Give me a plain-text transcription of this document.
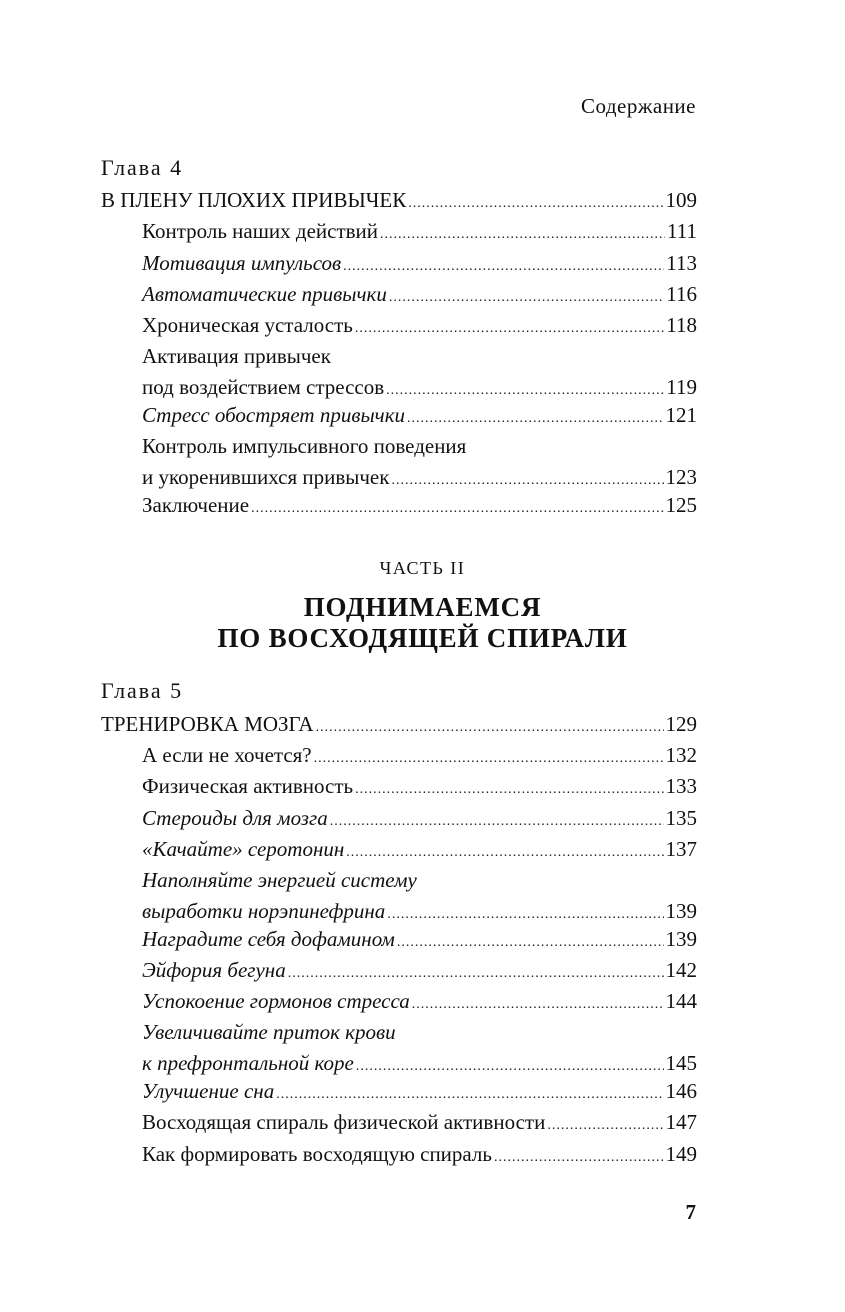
Содержание
Глава 4
В ПЛЕНУ ПЛОХИХ ПРИВЫЧЕК .....	109
Контроль наших действий .....	111
Мотивация импульсов .....	113
Автоматические привычки .....	116
Хроническая усталость .....	118
Активация привычек
под воздействием стрессов .....	119
Стресс обостряет привычки .....	121
Контроль импульсивного поведения
и укоренившихся привычек .....	123
Заключение .....	125
ЧАСТЬ II
ПОДНИМАЕМСЯ
ПО ВОСХОДЯЩЕЙ СПИРАЛИ
Глава 5
ТРЕНИРОВКА МОЗГА .....	129
А если не хочется? .....	132
Физическая активность .....	133
Стероиды для мозга .....	135
«Качайте» серотонин .....	137
Наполняйте энергией систему
выработки норэпинефрина .....	139
Наградите себя дофамином .....	139
Эйфория бегуна .....	142
Успокоение гормонов стресса .....	144
Увеличивайте приток крови
к префронтальной коре .....	145
Улучшение сна .....	146
Восходящая спираль физической активности .....	147
Как формировать восходящую спираль .....	149
7
